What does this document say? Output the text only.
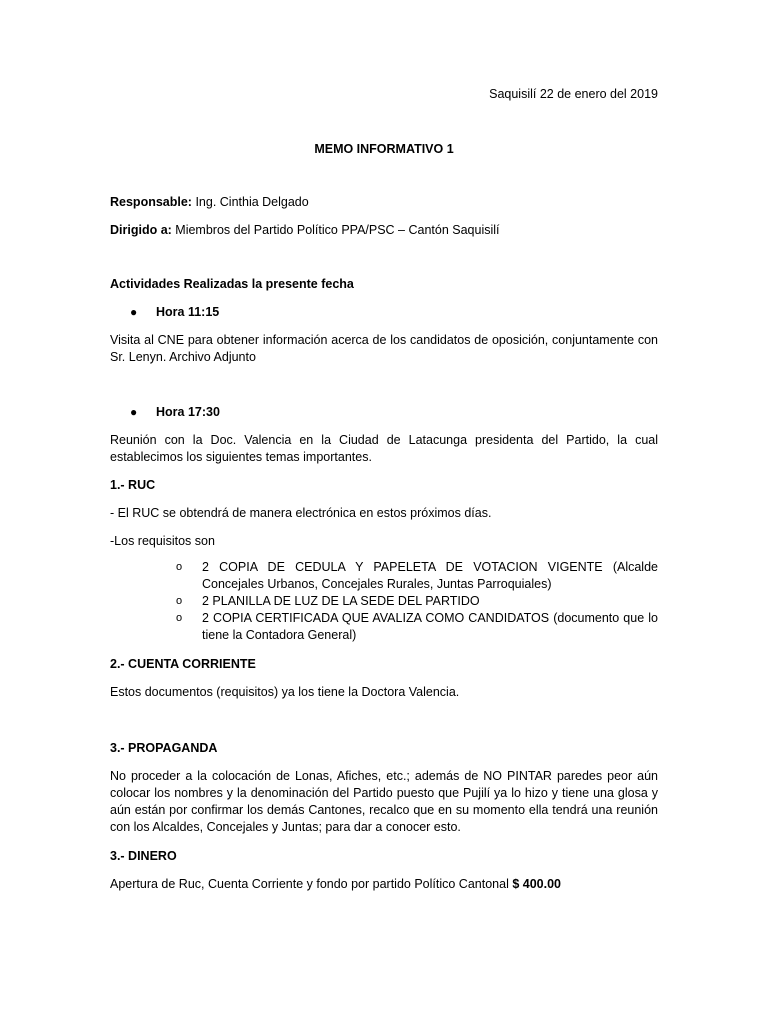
Saquisilí 22 de enero del 2019
MEMO INFORMATIVO 1
Responsable: Ing. Cinthia Delgado
Dirigido a: Miembros del Partido Político PPA/PSC – Cantón Saquisilí
Actividades Realizadas la presente fecha
●	Hora 11:15
Visita al CNE para obtener información acerca de los candidatos de oposición, conjuntamente con Sr. Lenyn. Archivo Adjunto
●	Hora 17:30
Reunión con la Doc. Valencia en la Ciudad de Latacunga presidenta del Partido, la cual establecimos los siguientes temas importantes.
1.- RUC
- El RUC se obtendrá de manera electrónica en estos próximos días.
-Los requisitos son
o	2 COPIA DE CEDULA Y PAPELETA DE VOTACION VIGENTE (Alcalde Concejales Urbanos, Concejales Rurales, Juntas Parroquiales)
o	2 PLANILLA DE LUZ DE LA SEDE DEL PARTIDO
o	2 COPIA CERTIFICADA QUE AVALIZA COMO CANDIDATOS (documento que lo tiene la Contadora General)
2.- CUENTA CORRIENTE
Estos documentos (requisitos) ya los tiene la Doctora Valencia.
3.- PROPAGANDA
No proceder a la colocación de Lonas, Afiches, etc.; además de NO PINTAR paredes peor aún colocar los nombres y la denominación del Partido puesto que Pujilí ya lo hizo y tiene una glosa y aún están por confirmar los demás Cantones, recalco que en su momento ella tendrá una reunión con los Alcaldes, Concejales y Juntas; para dar a conocer esto.
3.- DINERO
Apertura de Ruc, Cuenta Corriente y fondo por partido Político Cantonal $ 400.00
